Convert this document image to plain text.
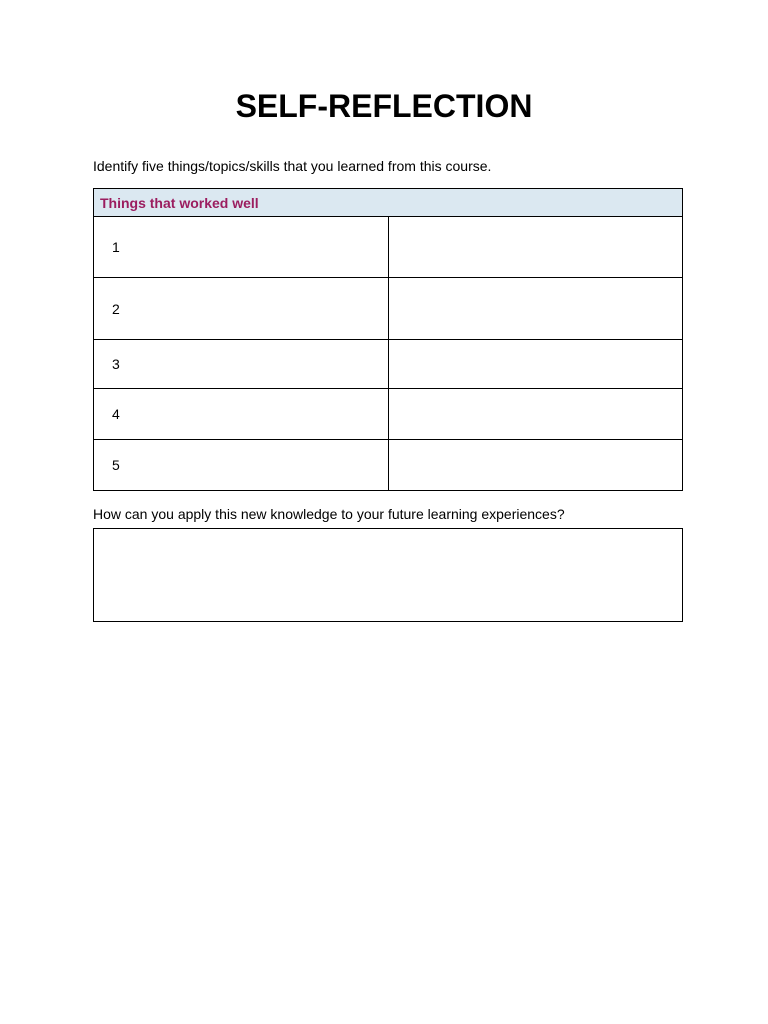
SELF-REFLECTION

Identify five things/topics/skills that you learned from this course.

Things that worked well	
1	
2	
3	
4	
5	

How can you apply this new knowledge to your future learning experiences?
